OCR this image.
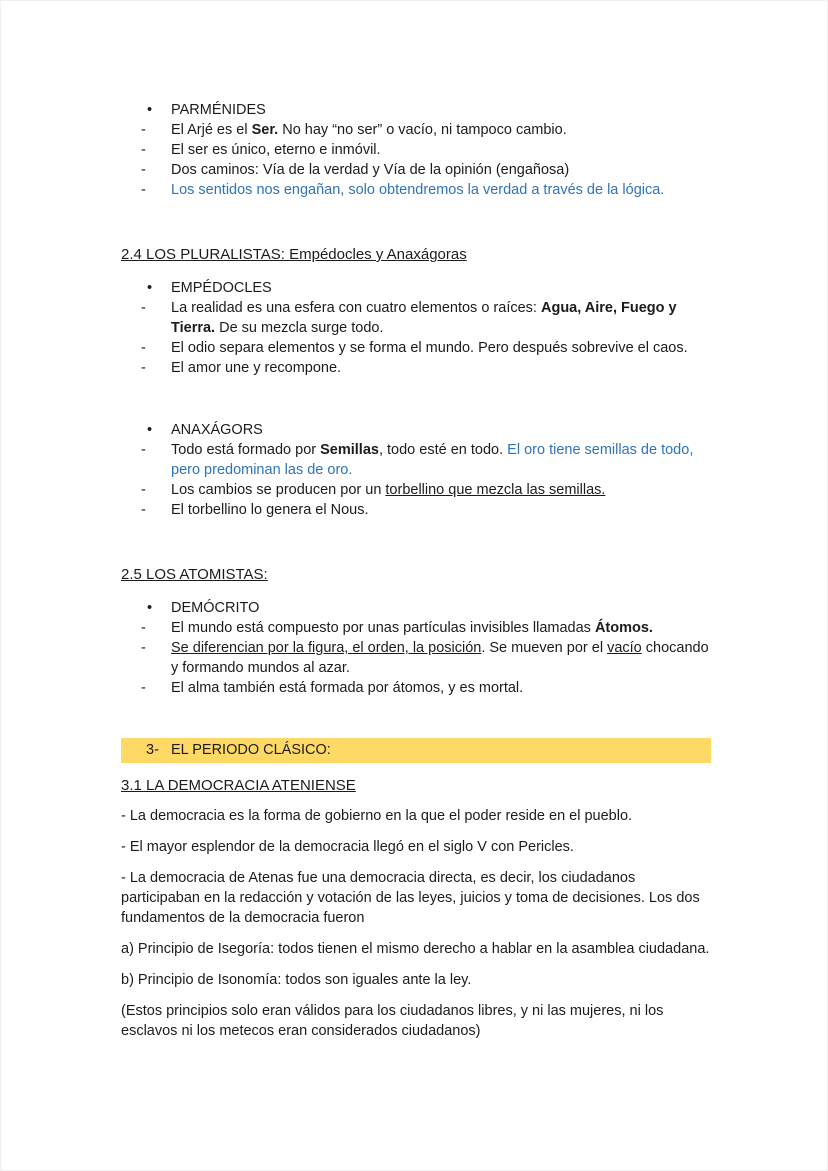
•	PARMÉNIDES
-	El Arjé es el Ser. No hay “no ser” o vacío, ni tampoco cambio.
-	El ser es único, eterno e inmóvil.
-	Dos caminos: Vía de la verdad y Vía de la opinión (engañosa)
-	Los sentidos nos engañan, solo obtendremos la verdad a través de la lógica.
2.4 LOS PLURALISTAS: Empédocles y Anaxágoras
•	EMPÉDOCLES
-	La realidad es una esfera con cuatro elementos o raíces: Agua, Aire, Fuego y Tierra. De su mezcla surge todo.
-	El odio separa elementos y se forma el mundo. Pero después sobrevive el caos.
-	El amor une y recompone.
•	ANAXÁGORS
-	Todo está formado por Semillas, todo esté en todo. El oro tiene semillas de todo, pero predominan las de oro.
-	Los cambios se producen por un torbellino que mezcla las semillas.
-	El torbellino lo genera el Nous.
2.5 LOS ATOMISTAS:
•	DEMÓCRITO
-	El mundo está compuesto por unas partículas invisibles llamadas Átomos.
-	Se diferencian por la figura, el orden, la posición. Se mueven por el vacío chocando y formando mundos al azar.
-	El alma también está formada por átomos, y es mortal.
3- EL PERIODO CLÁSICO:
3.1 LA DEMOCRACIA ATENIENSE
- La democracia es la forma de gobierno en la que el poder reside en el pueblo.
- El mayor esplendor de la democracia llegó en el siglo V con Pericles.
- La democracia de Atenas fue una democracia directa, es decir, los ciudadanos participaban en la redacción y votación de las leyes, juicios y toma de decisiones. Los dos fundamentos de la democracia fueron
a) Principio de Isegoría: todos tienen el mismo derecho a hablar en la asamblea ciudadana.
b) Principio de Isonomía: todos son iguales ante la ley.
(Estos principios solo eran válidos para los ciudadanos libres, y ni las mujeres, ni los esclavos ni los metecos eran considerados ciudadanos)
